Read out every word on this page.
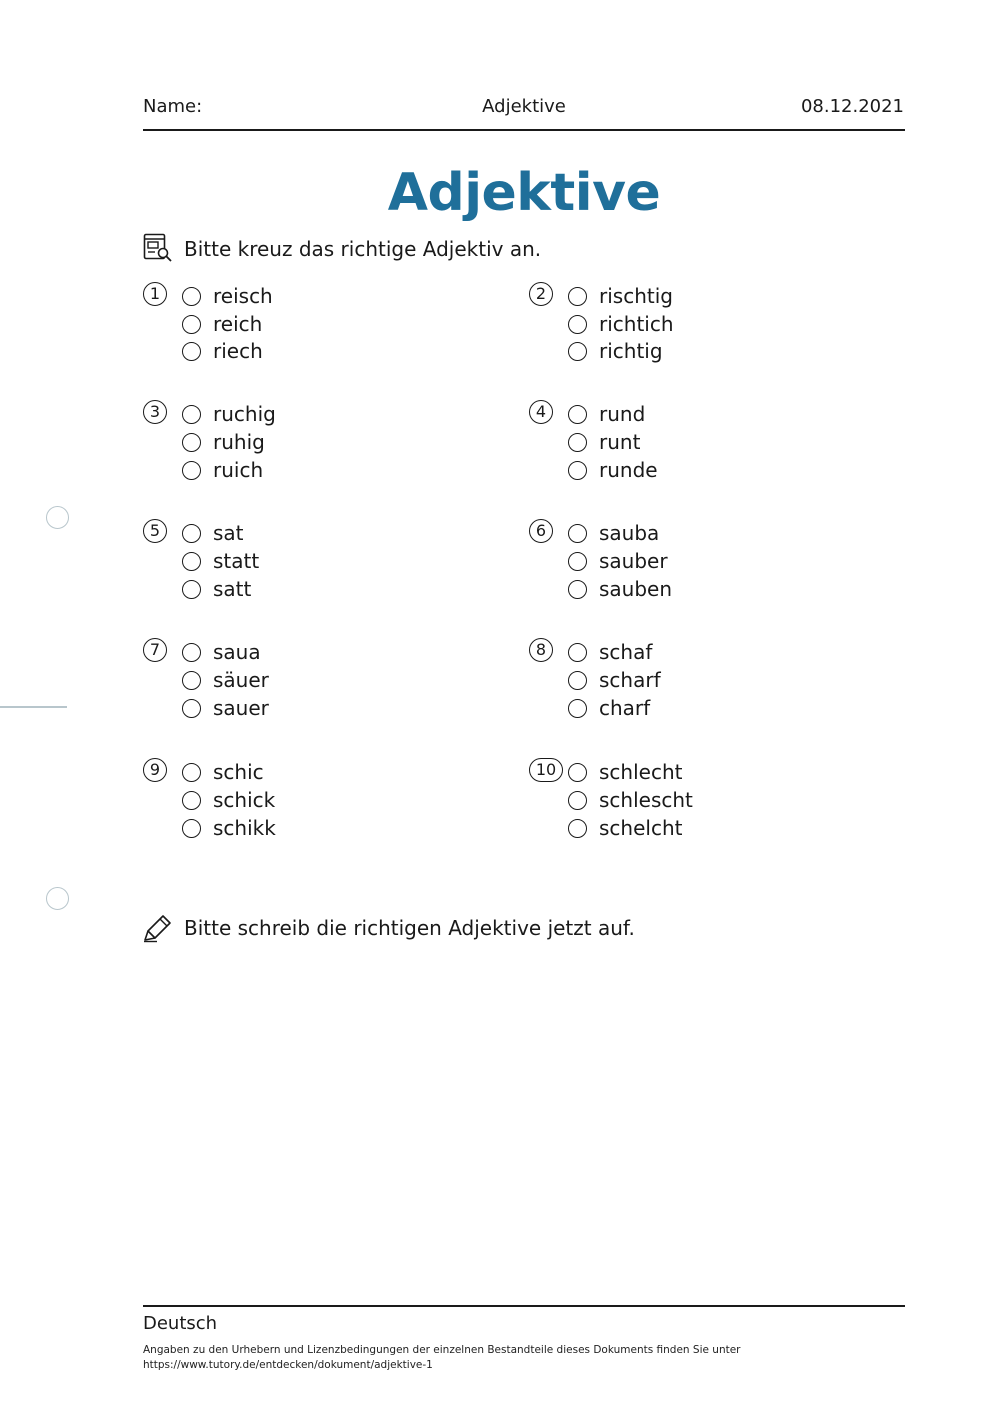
Name:	Adjektive	08.12.2021
Adjektive
Bitte kreuz das richtige Adjektiv an.
1	reisch
reich
riech
2	rischtig
richtich
richtig
3	ruchig
ruhig
ruich
4	rund
runt
runde
5	sat
statt
satt
6	sauba
sauber
sauben
7	saua
säuer
sauer
8	schaf
scharf
charf
9	schic
schick
schikk
10	schlecht
schlescht
schelcht
Bitte schreib die richtigen Adjektive jetzt auf.
Deutsch
Angaben zu den Urhebern und Lizenzbedingungen der einzelnen Bestandteile dieses Dokuments finden Sie unter
https://www.tutory.de/entdecken/dokument/adjektive-1
